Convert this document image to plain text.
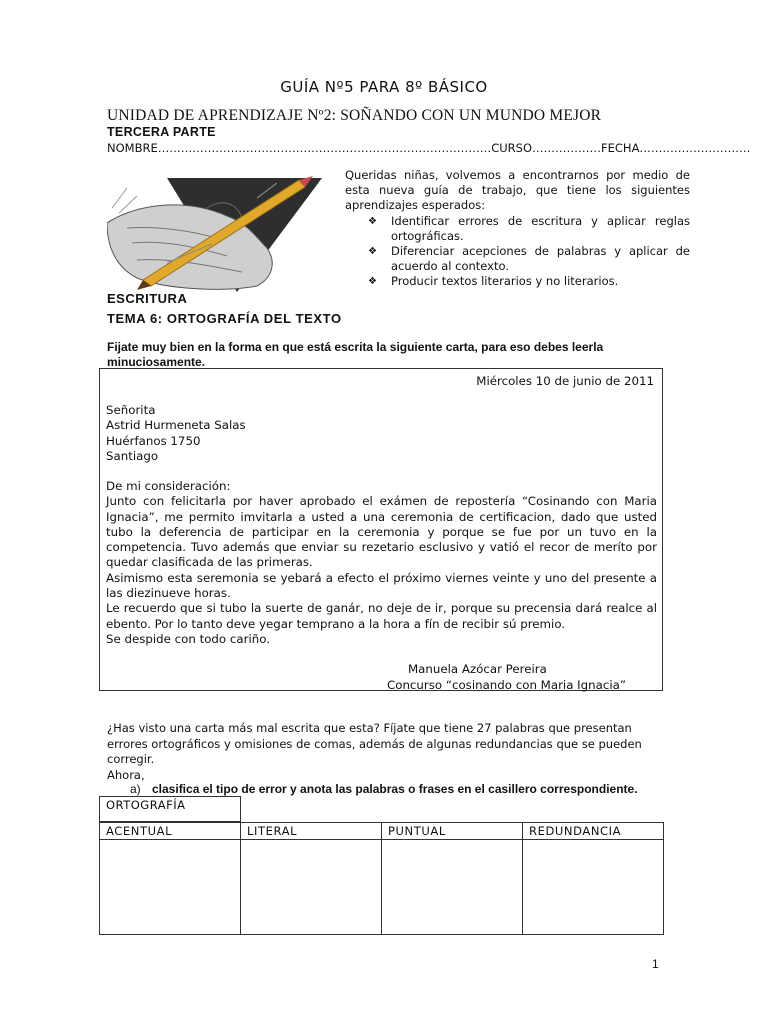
GUÍA Nº5 PARA 8º BÁSICO
UNIDAD DE APRENDIZAJE Nº2: SOÑANDO CON UN MUNDO MEJOR
TERCERA PARTE
NOMBRE……………………………………………………………………………CURSO………………FECHA………………………..
Queridas niñas, volvemos a encontrarnos por medio de esta nueva guía de trabajo, que tiene los siguientes aprendizajes esperados:
❖ Identificar errores de escritura y aplicar reglas ortográficas.
❖ Diferenciar acepciones de palabras y aplicar de acuerdo al contexto.
❖ Producir textos literarios y no literarios.
ESCRITURA
TEMA 6: ORTOGRAFÍA DEL TEXTO
Fijate muy bien en la forma en que está escrita la siguiente carta, para eso debes leerla minuciosamente.
Miércoles 10 de junio de 2011
Señorita
Astrid Hurmeneta Salas
Huérfanos 1750
Santiago

De mi consideración:

Junto con felicitarla por haver aprobado el exámen de repostería “Cosinando con Maria Ignacia”, me permito imvitarla a usted a una ceremonia de certificacion, dado que usted tubo la deferencia de participar en la ceremonia y porque se fue por un tuvo en la competencia. Tuvo además que enviar su rezetario esclusivo y vatió el recor de meríto por quedar clasificada de las primeras.

Asimismo esta seremonia se yebará a efecto el próximo viernes veinte y uno del presente a las diezinueve horas.

Le recuerdo que si tubo la suerte de ganár, no deje de ir, porque su precensia dará realce al ebento. Por lo tanto deve yegar temprano a la hora a fín de recibir sú premio.

Se despide con todo cariño.

Manuela Azócar Pereira
Concurso “cosinando con Maria Ignacia”
¿Has visto una carta más mal escrita que esta? Fíjate que tiene 27 palabras que presentan errores ortográficos y omisiones de comas, además de algunas redundancias que se pueden corregir.
Ahora,
a) clasifica el tipo de error y anota las palabras o frases en el casillero correspondiente.
ORTOGRAFÍA
ACENTUAL	LITERAL	PUNTUAL	REDUNDANCIA

1
